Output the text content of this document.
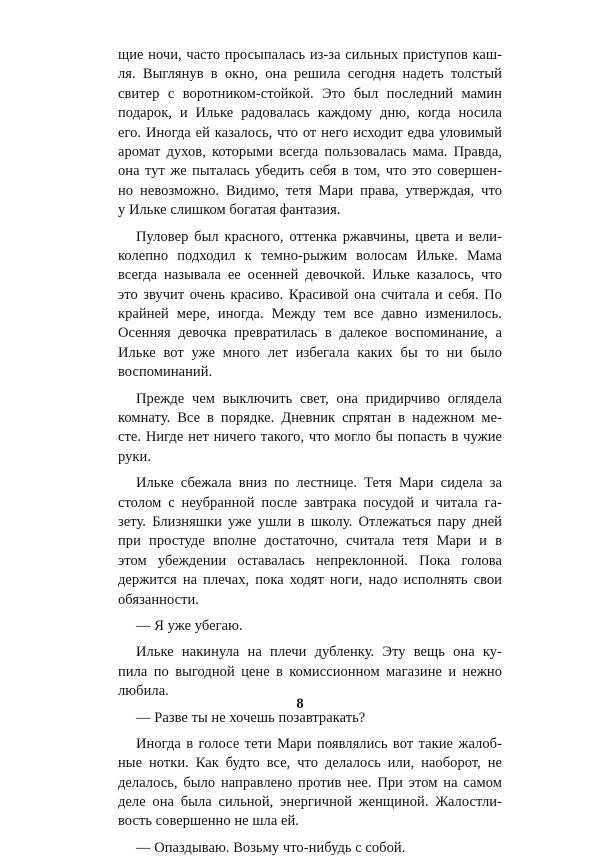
щие ночи, часто просыпалась из-за сильных приступов каш-
ля. Выглянув в окно, она решила сегодня надеть толстый
свитер с воротником-стойкой. Это был последний мамин
подарок, и Ильке радовалась каждому дню, когда носила
его. Иногда ей казалось, что от него исходит едва уловимый
аромат духов, которыми всегда пользовалась мама. Правда,
она тут же пыталась убедить себя в том, что это совершен-
но невозможно. Видимо, тетя Мари права, утверждая, что
у Ильке слишком богатая фантазия.
Пуловер был красного, оттенка ржавчины, цвета и вели-
колепно подходил к темно-рыжим волосам Ильке. Мама
всегда называла ее осенней девочкой. Ильке казалось, что
это звучит очень красиво. Красивой она считала и себя. По
крайней мере, иногда. Между тем все давно изменилось.
Осенняя девочка превратилась в далекое воспоминание, а
Ильке вот уже много лет избегала каких бы то ни было
воспоминаний.
Прежде чем выключить свет, она придирчиво оглядела
комнату. Все в порядке. Дневник спрятан в надежном ме-
сте. Нигде нет ничего такого, что могло бы попасть в чужие
руки.
Ильке сбежала вниз по лестнице. Тетя Мари сидела за
столом с неубранной после завтрака посудой и читала га-
зету. Близняшки уже ушли в школу. Отлежаться пару дней
при простуде вполне достаточно, считала тетя Мари и в
этом убеждении оставалась непреклонной. Пока голова
держится на плечах, пока ходят ноги, надо исполнять свои
обязанности.
— Я уже убегаю.
Ильке накинула на плечи дубленку. Эту вещь она ку-
пила по выгодной цене в комиссионном магазине и нежно
любила.
— Разве ты не хочешь позавтракать?
Иногда в голосе тети Мари появлялись вот такие жалоб-
ные нотки. Как будто все, что делалось или, наоборот, не
делалось, было направлено против нее. При этом на самом
деле она была сильной, энергичной женщиной. Жалостли-
вость совершенно не шла ей.
— Опаздываю. Возьму что-нибудь с собой.
8
